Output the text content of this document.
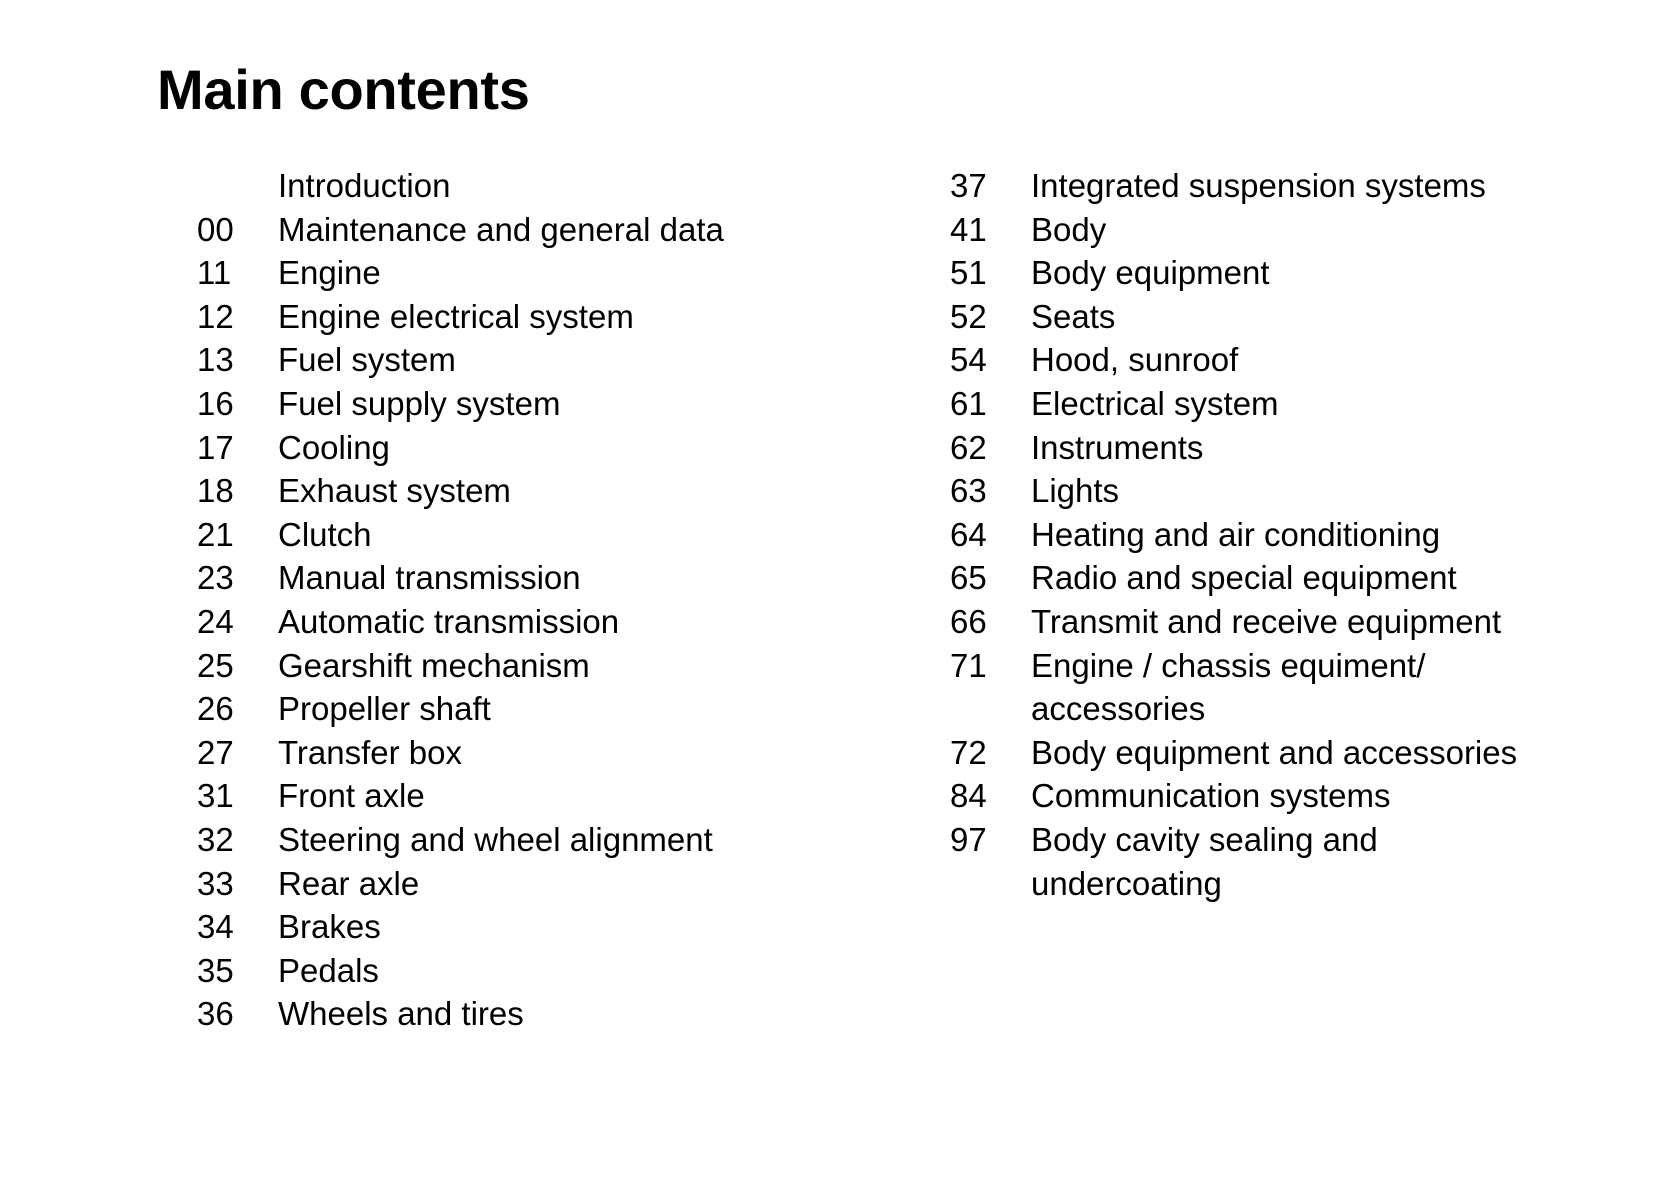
Main contents
Introduction
00	Maintenance and general data
11	Engine
12	Engine electrical system
13	Fuel system
16	Fuel supply system
17	Cooling
18	Exhaust system
21	Clutch
23	Manual transmission
24	Automatic transmission
25	Gearshift mechanism
26	Propeller shaft
27	Transfer box
31	Front axle
32	Steering and wheel alignment
33	Rear axle
34	Brakes
35	Pedals
36	Wheels and tires
37	Integrated suspension systems
41	Body
51	Body equipment
52	Seats
54	Hood, sunroof
61	Electrical system
62	Instruments
63	Lights
64	Heating and air conditioning
65	Radio and special equipment
66	Transmit and receive equipment
71	Engine / chassis equiment/
accessories
72	Body equipment and accessories
84	Communication systems
97	Body cavity sealing and
undercoating
